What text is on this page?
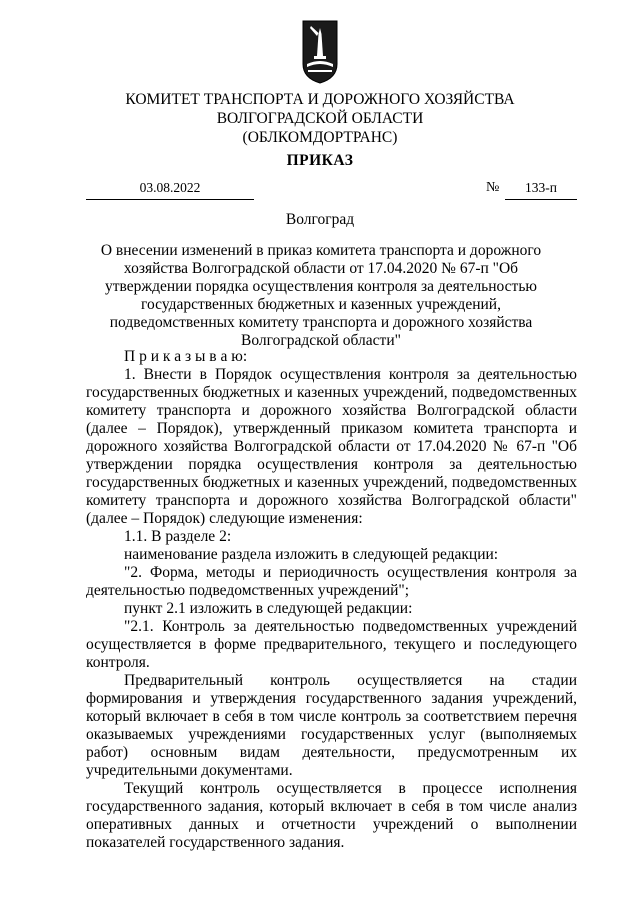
КОМИТЕТ ТРАНСПОРТА И ДОРОЖНОГО ХОЗЯЙСТВА
ВОЛГОГРАДСКОЙ ОБЛАСТИ
(ОБЛКОМДОРТРАНС)
ПРИКАЗ
03.08.2022	№	133-п
Волгоград
О внесении изменений в приказ комитета транспорта и дорожного хозяйства Волгоградской области от 17.04.2020 № 67-п "Об утверждении порядка осуществления контроля за деятельностью государственных бюджетных и казенных учреждений, подведомственных комитету транспорта и дорожного хозяйства Волгоградской области"

П р и к а з ы в а ю:

1. Внести в Порядок осуществления контроля за деятельностью государственных бюджетных и казенных учреждений, подведомственных комитету транспорта и дорожного хозяйства Волгоградской области (далее – Порядок), утвержденный приказом комитета транспорта и дорожного хозяйства Волгоградской области от 17.04.2020 № 67-п "Об утверждении порядка осуществления контроля за деятельностью государственных бюджетных и казенных учреждений, подведомственных комитету транспорта и дорожного хозяйства Волгоградской области" (далее – Порядок) следующие изменения:

1.1. В разделе 2:

наименование раздела изложить в следующей редакции:

"2. Форма, методы и периодичность осуществления контроля за деятельностью подведомственных учреждений";

пункт 2.1 изложить в следующей редакции:

"2.1. Контроль за деятельностью подведомственных учреждений осуществляется в форме предварительного, текущего и последующего контроля.

Предварительный контроль осуществляется на стадии формирования и утверждения государственного задания учреждений, который включает в себя в том числе контроль за соответствием перечня оказываемых учреждениями государственных услуг (выполняемых работ) основным видам деятельности, предусмотренным их учредительными документами.

Текущий контроль осуществляется в процессе исполнения государственного задания, который включает в себя в том числе анализ оперативных данных и отчетности учреждений о выполнении показателей государственного задания.
